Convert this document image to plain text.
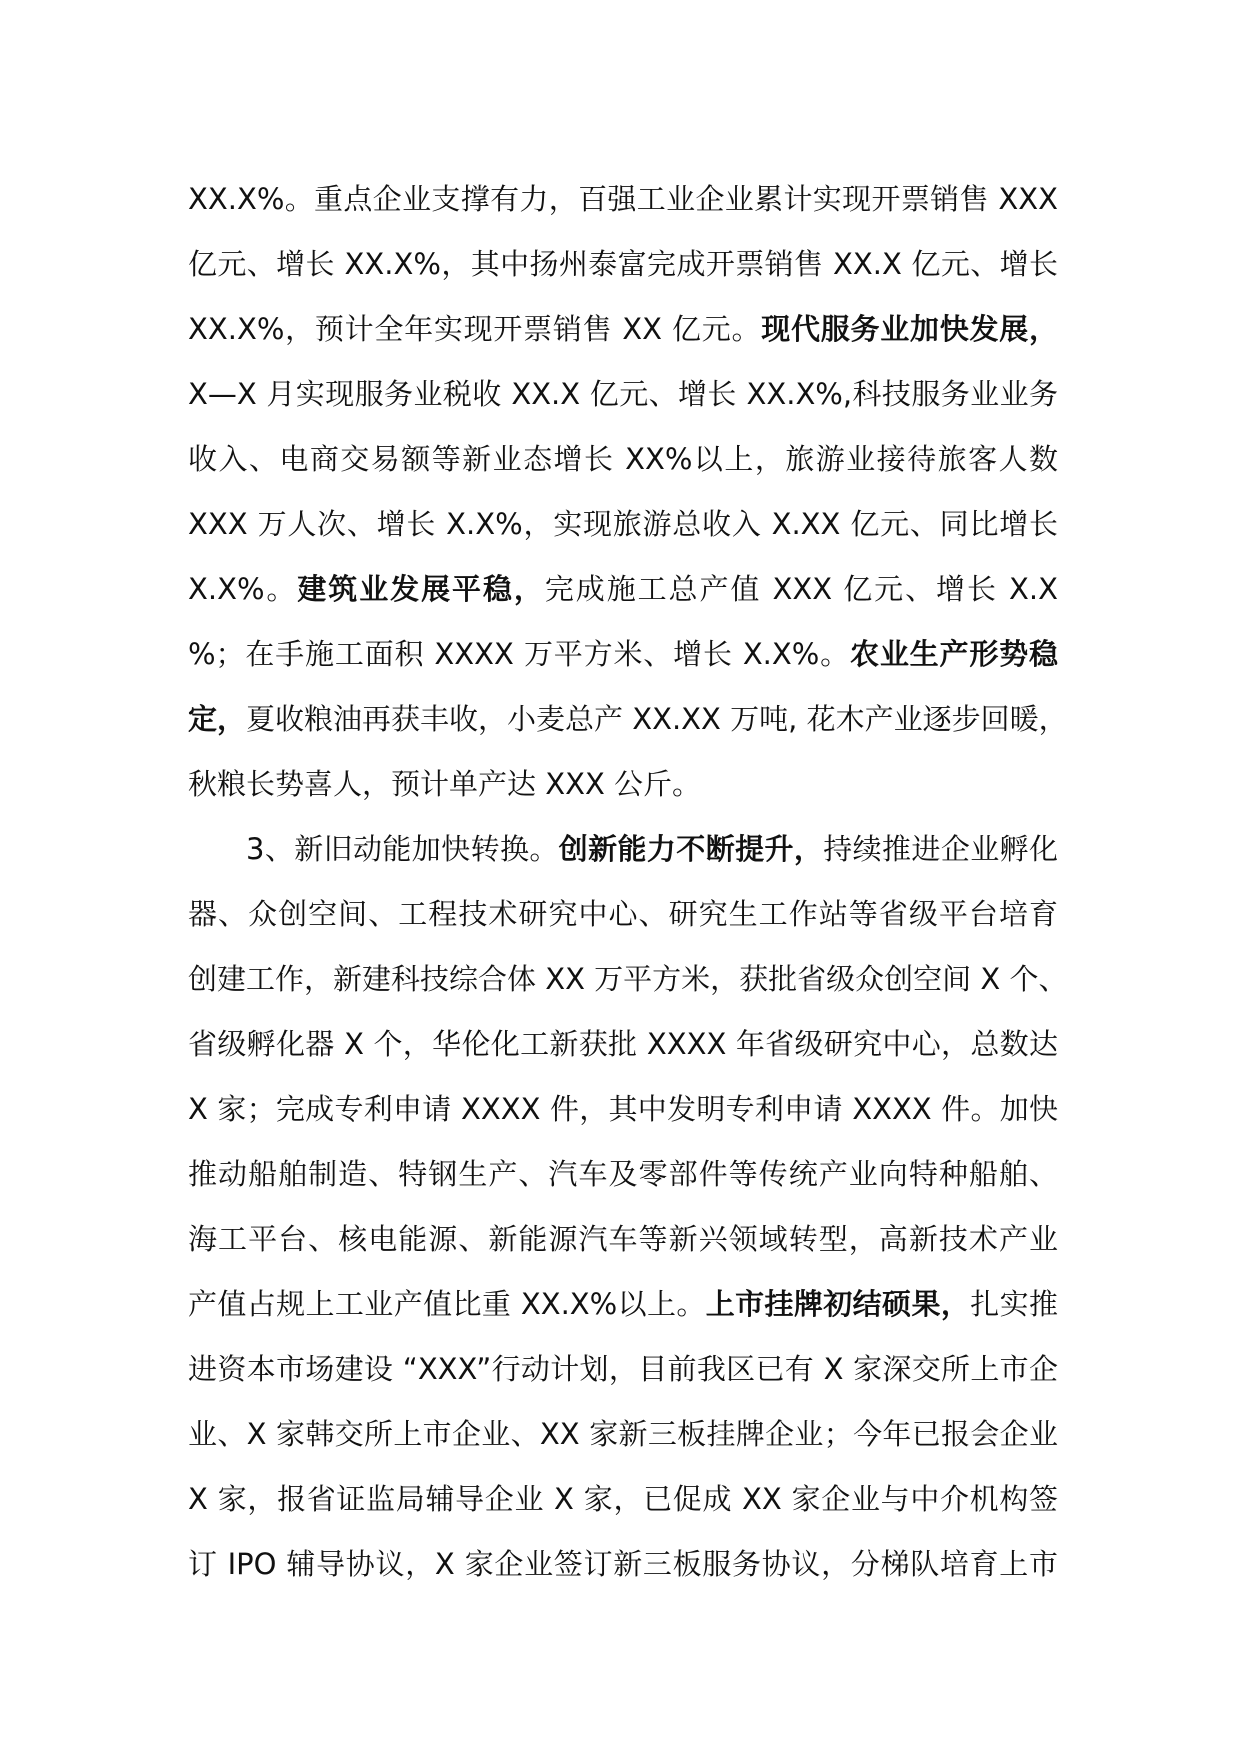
XX.X%。重点企业支撑有力，百强工业企业累计实现开票销售 XXX
亿元、增长 XX.X%，其中扬州泰富完成开票销售 XX.X 亿元、增长
XX.X%，预计全年实现开票销售 XX 亿元。现代服务业加快发展，
X—X 月实现服务业税收 XX.X 亿元、增长 XX.X%,科技服务业业务
收入、电商交易额等新业态增长 XX%以上，旅游业接待旅客人数
XXX 万人次、增长 X.X%，实现旅游总收入 X.XX 亿元、同比增长
X.X%。建筑业发展平稳，完成施工总产值 XXX 亿元、增长 X.X
%；在手施工面积 XXXX 万平方米、增长 X.X%。农业生产形势稳
定，夏收粮油再获丰收，小麦总产 XX.XX 万吨, 花木产业逐步回暖，
秋粮长势喜人，预计单产达 XXX 公斤。
3、新旧动能加快转换。创新能力不断提升，持续推进企业孵化
器、众创空间、工程技术研究中心、研究生工作站等省级平台培育
创建工作，新建科技综合体 XX 万平方米，获批省级众创空间 X 个、
省级孵化器 X 个，华伦化工新获批 XXXX 年省级研究中心，总数达
X 家；完成专利申请 XXXX 件，其中发明专利申请 XXXX 件。加快
推动船舶制造、特钢生产、汽车及零部件等传统产业向特种船舶、
海工平台、核电能源、新能源汽车等新兴领域转型，高新技术产业
产值占规上工业产值比重 XX.X%以上。上市挂牌初结硕果，扎实推
进资本市场建设 “XXX”行动计划，目前我区已有 X 家深交所上市企
业、X 家韩交所上市企业、XX 家新三板挂牌企业；今年已报会企业
X 家，报省证监局辅导企业 X 家，已促成 XX 家企业与中介机构签
订 IPO 辅导协议，X 家企业签订新三板服务协议，分梯队培育上市
